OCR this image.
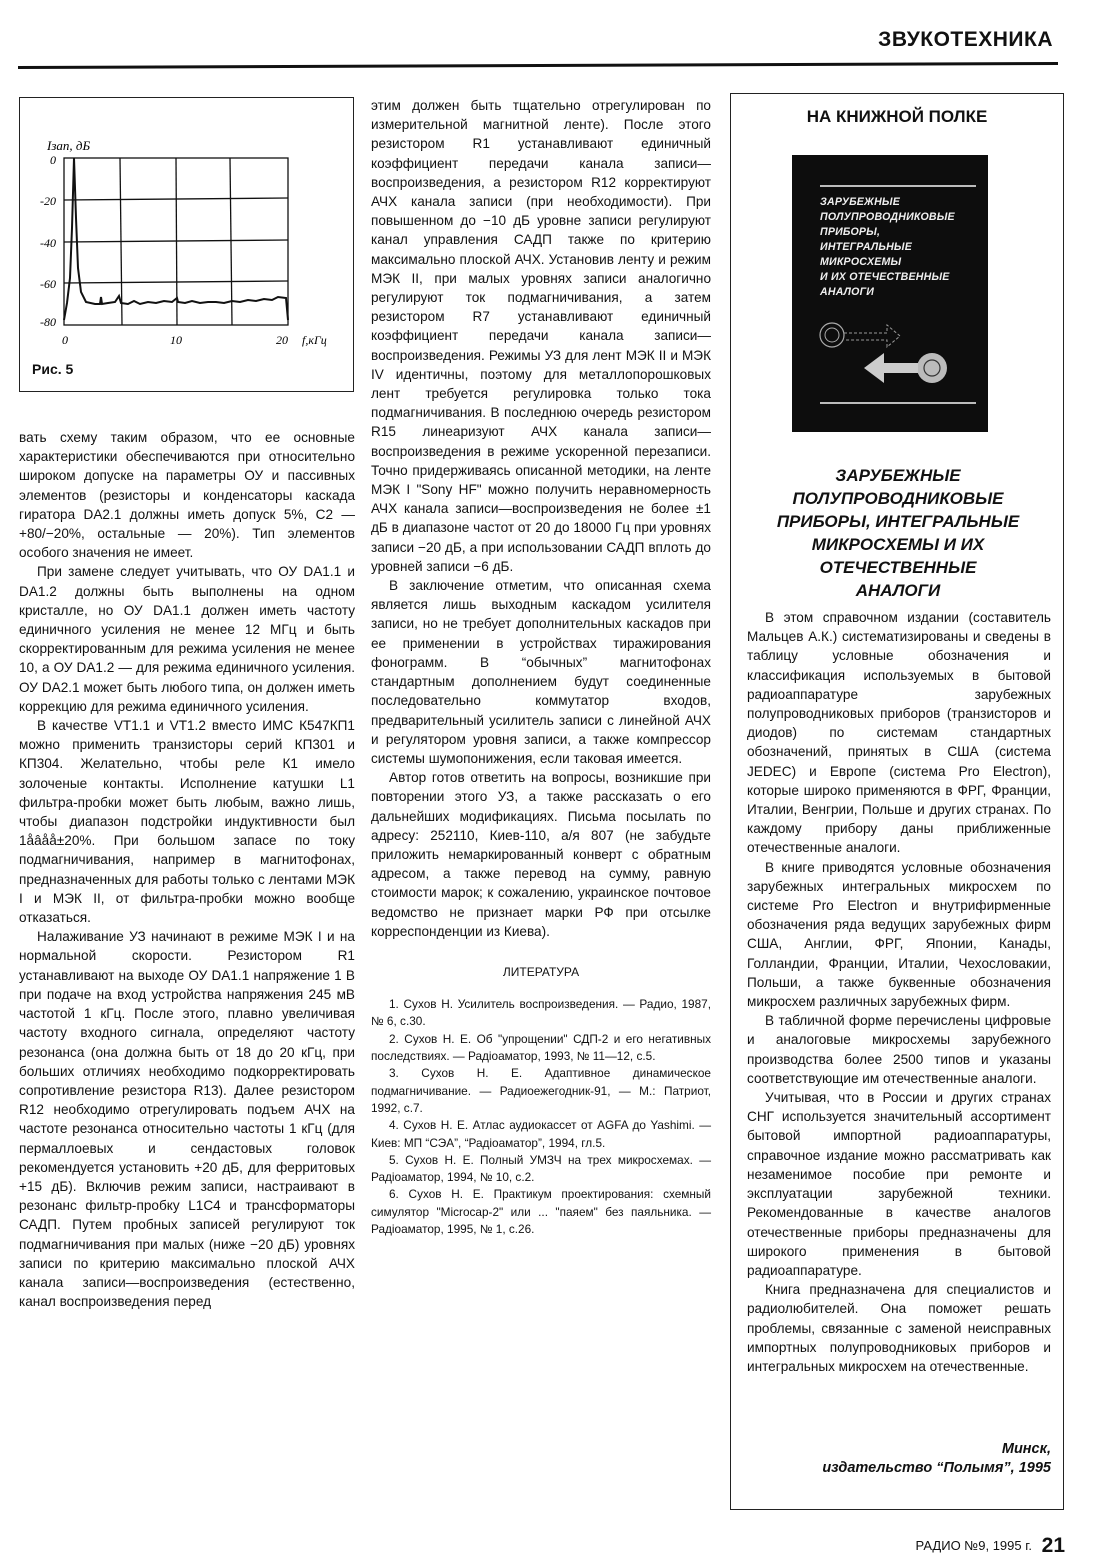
ЗВУКОТЕХНИКА
Iзап, дБ
0
-20
-40
-60
-80
0	10	20 f,кГц
Рис. 5

вать схему таким образом, что ее основные характеристики обеспечиваются при относительно широком допуске на параметры ОУ и пассивных элементов (резисторы и конденсаторы каскада гиратора DA2.1 должны иметь допуск 5%, С2 — +80/−20%, остальные — 20%). Тип элементов особого значения не имеет.

При замене следует учитывать, что ОУ DA1.1 и DA1.2 должны быть выполнены на одном кристалле, но ОУ DA1.1 должен иметь частоту единичного усиления не менее 12 МГц и быть скорректированным для режима усиления не менее 10, а ОУ DA1.2 — для режима единичного усиления. ОУ DA2.1 может быть любого типа, он должен иметь коррекцию для режима единичного усиления.

В качестве VT1.1 и VT1.2 вместо ИМС К547КП1 можно применить транзисторы серий КП301 и КП304. Желательно, чтобы реле К1 имело золоченые контакты. Исполнение катушки L1 фильтра-пробки может быть любым, важно лишь, чтобы диапазон подстройки индуктивности был 1åâåå±20%. При большом запасе по току подмагничивания, например в магнитофонах, предназначенных для работы только с лентами МЭК I и МЭК II, от фильтра-пробки можно вообще отказаться.

Налаживание УЗ начинают в режиме МЭК I и на нормальной скорости. Резистором R1 устанавливают на выходе ОУ DA1.1 напряжение 1 В при подаче на вход устройства напряжения 245 мВ частотой 1 кГц. После этого, плавно увеличивая частоту входного сигнала, определяют частоту резонанса (она должна быть от 18 до 20 кГц, при больших отличиях необходимо подкорректировать сопротивление резистора R13). Далее резистором R12 необходимо отрегулировать подъем АЧХ на частоте резонанса относительно частоты 1 кГц (для пермаллоевых и сендастовых головок рекомендуется установить +20 дБ, для ферритовых +15 дБ). Включив режим записи, настраивают в резонанс фильтр-пробку L1C4 и трансформаторы САДП. Путем пробных записей регулируют ток подмагничивания при малых (ниже −20 дБ) уровнях записи по критерию максимально плоской АЧХ канала записи—воспроизведения (естественно, канал воспроизведения перед

этим должен быть тщательно отрегулирован по измерительной магнитной ленте). После этого резистором R1 устанавливают единичный коэффициент передачи канала записи—воспроизведения, а резистором R12 корректируют АЧХ канала записи (при необходимости). При повышенном до −10 дБ уровне записи регулируют канал управления САДП также по критерию максимально плоской АЧХ. Установив ленту и режим МЭК II, при малых уровнях записи аналогично регулируют ток подмагничивания, а затем резистором R7 устанавливают единичный коэффициент передачи канала записи—воспроизведения. Режимы УЗ для лент МЭК II и МЭК IV идентичны, поэтому для металлопорошковых лент требуется регулировка только тока подмагничивания. В последнюю очередь резистором R15 линеаризуют АЧХ канала записи—воспроизведения в режиме ускоренной перезаписи. Точно придерживаясь описанной методики, на ленте МЭК I "Sony HF" можно получить неравномерность АЧХ канала записи—воспроизведения не более ±1 дБ в диапазоне частот от 20 до 18000 Гц при уровнях записи −20 дБ, а при использовании САДП вплоть до уровней записи −6 дБ.

В заключение отметим, что описанная схема является лишь выходным каскадом усилителя записи, но не требует дополнительных каскадов при ее применении в устройствах тиражирования фонограмм. В “обычных” магнитофонах стандартным дополнением будут соединенные последовательно коммутатор входов, предварительный усилитель записи с линейной АЧХ и регулятором уровня записи, а также компрессор системы шумопонижения, если таковая имеется.

Автор готов ответить на вопросы, возникшие при повторении этого УЗ, а также рассказать о его дальнейших модификациях. Письма посылать по адресу: 252110, Киев-110, а/я 807 (не забудьте приложить немаркированный конверт с обратным адресом, а также перевод на сумму, равную стоимости марок; к сожалению, украинское почтовое ведомство не признает марки РФ при отсылке корреспонденции из Киева).

ЛИТЕРАТУРА
1. Сухов Н. Усилитель воспроизведения. — Радио, 1987, № 6, с.30.
2. Сухов Н. Е. Об "упрощении" СДП-2 и его негативных последствиях. — Радіоаматор, 1993, № 11—12, с.5.
3. Сухов Н. Е. Адаптивное динамическое подмагничивание. — Радиоежегодник-91, — М.: Патриот, 1992, с.7.
4. Сухов Н. Е. Атлас аудиокассет от AGFA до Yashimi. — Киев: МП “СЭА”, “Радіоаматор”, 1994, гл.5.
5. Сухов Н. Е. Полный УМЗЧ на трех микросхемах. — Радіоаматор, 1994, № 10, с.2.
6. Сухов Н. Е. Практикум проектирования: схемный симулятор "Microcap-2" или ... "паяем" без паяльника. — Радіоаматор, 1995, № 1, с.26.
НА КНИЖНОЙ ПОЛКЕ
ЗАРУБЕЖНЫЕ
ПОЛУПРОВОДНИКОВЫЕ
ПРИБОРЫ,
ИНТЕГРАЛЬНЫЕ
МИКРОСХЕМЫ
И ИХ ОТЕЧЕСТВЕННЫЕ
АНАЛОГИ
ЗАРУБЕЖНЫЕ
ПОЛУПРОВОДНИКОВЫЕ
ПРИБОРЫ, ИНТЕГРАЛЬНЫЕ
МИКРОСХЕМЫ И ИХ
ОТЕЧЕСТВЕННЫЕ
АНАЛОГИ

В этом справочном издании (составитель Мальцев А.К.) систематизированы и сведены в таблицу условные обозначения и классификация используемых в бытовой радиоаппаратуре зарубежных полупроводниковых приборов (транзисторов и диодов) по системам стандартных обозначений, принятых в США (система JEDEC) и Европе (система Pro Electron), которые широко применяются в ФРГ, Франции, Италии, Венгрии, Польше и других странах. По каждому прибору даны приближенные отечественные аналоги.

В книге приводятся условные обозначения зарубежных интегральных микросхем по системе Pro Electron и внутрифирменные обозначения ряда ведущих зарубежных фирм США, Англии, ФРГ, Японии, Канады, Голландии, Франции, Италии, Чехословакии, Польши, а также буквенные обозначения микросхем различных зарубежных фирм.

В табличной форме перечислены цифровые и аналоговые микросхемы зарубежного производства более 2500 типов и указаны соответствующие им отечественные аналоги.

Учитывая, что в России и других странах СНГ используется значительный ассортимент бытовой импортной радиоаппаратуры, справочное издание можно рассматривать как незаменимое пособие при ремонте и эксплуатации зарубежной техники. Рекомендованные в качестве аналогов отечественные приборы предназначены для широкого применения в бытовой радиоаппаратуре.

Книга предназначена для специалистов и радиолюбителей. Она поможет решать проблемы, связанные с заменой неисправных импортных полупроводниковых приборов и интегральных микросхем на отечественные.

Минск,
издательство “Полымя”, 1995
РАДИО №9, 1995 г. 21
